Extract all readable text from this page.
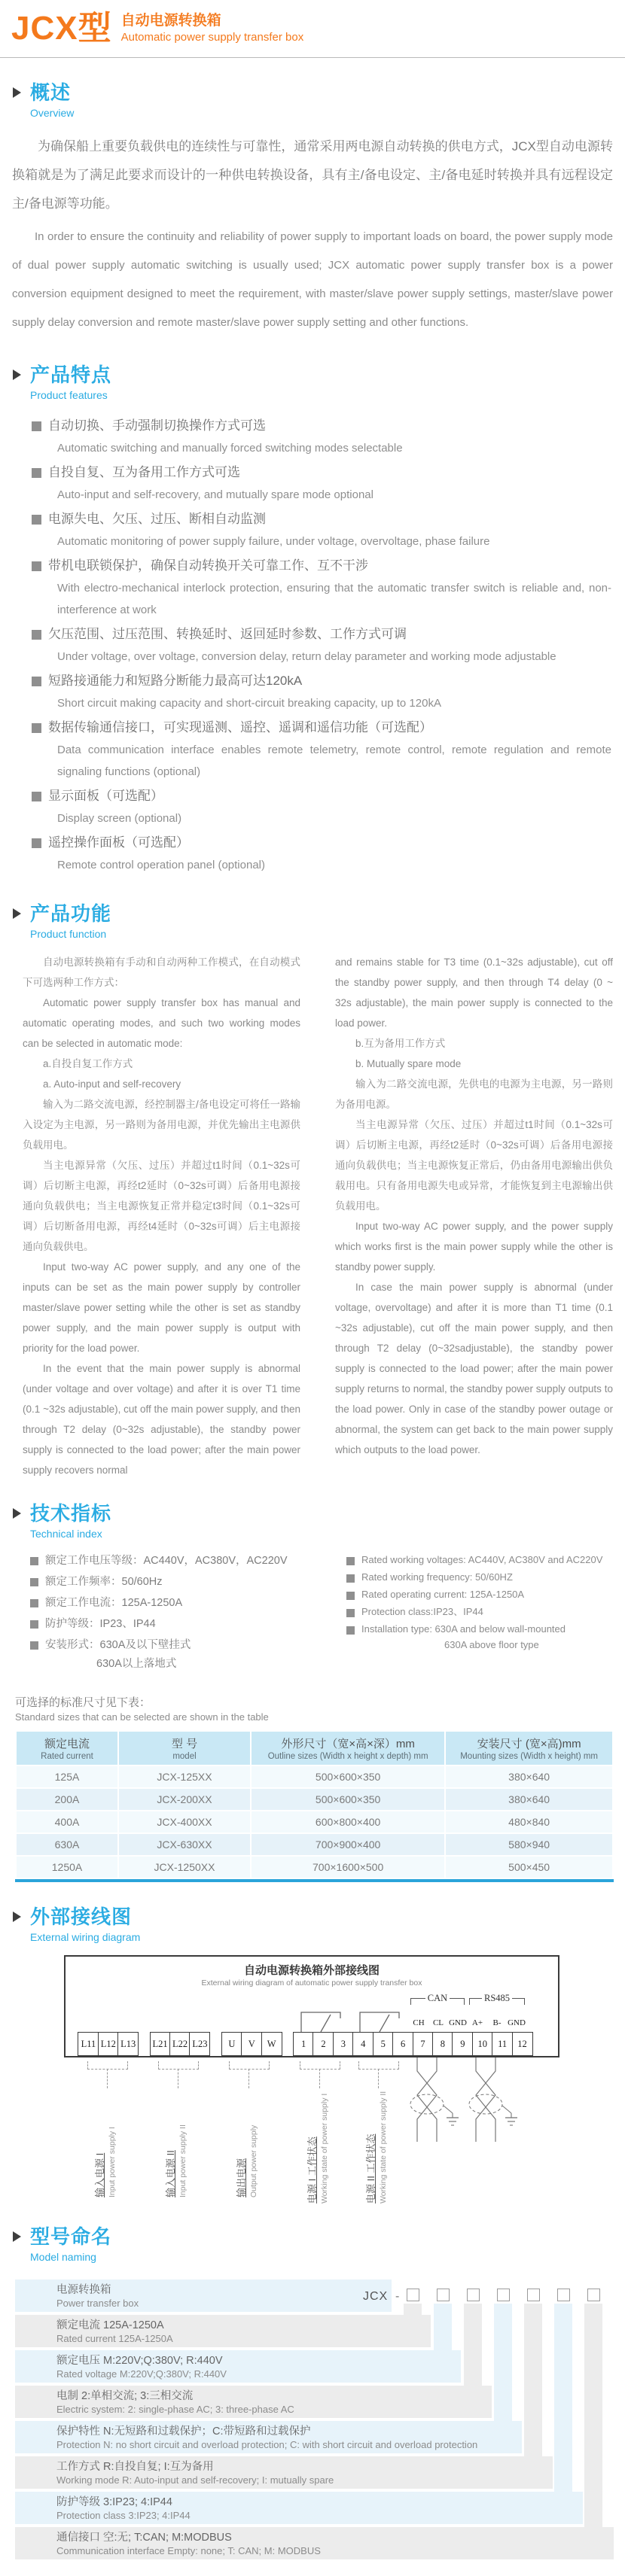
JCX型 自动电源转换箱
Automatic power supply transfer box
概述
Overview

为确保船上重要负载供电的连续性与可靠性，通常采用两电源自动转换的供电方式，JCX型自动电源转换箱就是为了满足此要求而设计的一种供电转换设备，具有主/备电设定、主/备电延时转换并具有远程设定主/备电源等功能。

In order to ensure the continuity and reliability of power supply to important loads on board, the power supply mode of dual power supply automatic switching is usually used; JCX automatic power supply transfer box is a power conversion equipment designed to meet the requirement, with master/slave power supply settings, master/slave power supply delay conversion and remote master/slave power supply setting and other functions.

产品特点
Product features
自动切换、手动强制切换操作方式可选
Automatic switching and manually forced switching modes selectable
自投自复、互为备用工作方式可选
Auto-input and self-recovery, and mutually spare mode optional
电源失电、欠压、过压、断相自动监测
Automatic monitoring of power supply failure, under voltage, overvoltage, phase failure
带机电联锁保护，确保自动转换开关可靠工作、互不干涉
With electro-mechanical interlock protection, ensuring that the automatic transfer switch is reliable and, non-interference at work
欠压范围、过压范围、转换延时、返回延时参数、工作方式可调
Under voltage, over voltage, conversion delay, return delay parameter and working mode adjustable
短路接通能力和短路分断能力最高可达120kA
Short circuit making capacity and short-circuit breaking capacity, up to 120kA
数据传输通信接口，可实现遥测、遥控、遥调和遥信功能（可选配）
Data communication interface enables remote telemetry, remote control, remote regulation and remote signaling functions (optional)
显示面板（可选配）
Display screen (optional)
遥控操作面板（可选配）
Remote control operation panel (optional)
产品功能
Product function

自动电源转换箱有手动和自动两种工作模式，在自动模式下可选两种工作方式：

Automatic power supply transfer box has manual and automatic operating modes, and such two working modes can be selected in automatic mode:

a.自投自复工作方式

a. Auto-input and self-recovery

输入为二路交流电源，经控制器主/备电设定可将任一路输入设定为主电源，另一路则为备用电源，并优先输出主电源供负载用电。

当主电源异常（欠压、过压）并超过t1时间（0.1~32s可调）后切断主电源，再经t2延时（0~32s可调）后备用电源接通向负载供电；当主电源恢复正常并稳定t3时间（0.1~32s可调）后切断备用电源，再经t4延时（0~32s可调）后主电源接通向负载供电。

Input two-way AC power supply, and any one of the inputs can be set as the main power supply by controller master/slave power setting while the other is set as standby power supply, and the main power supply is output with priority for the load power.

In the event that the main power supply is abnormal (under voltage and over voltage) and after it is over T1 time (0.1 ~32s adjustable), cut off the main power supply, and then through T2 delay (0~32s adjustable), the standby power supply is connected to the load power; after the main power supply recovers normal

and remains stable for T3 time (0.1~32s adjustable), cut off the standby power supply, and then through T4 delay (0 ~ 32s adjustable), the main power supply is connected to the load power.

b.互为备用工作方式

b. Mutually spare mode

输入为二路交流电源，先供电的电源为主电源，另一路则为备用电源。

当主电源异常（欠压、过压）并超过t1时间（0.1~32s可调）后切断主电源，再经t2延时（0~32s可调）后备用电源接通向负载供电；当主电源恢复正常后，仍由备用电源输出供负载用电。只有备用电源失电或异常，才能恢复到主电源输出供负载用电。

Input two-way AC power supply, and the power supply which works first is the main power supply while the other is standby power supply.

In case the main power supply is abnormal (under voltage, overvoltage) and after it is more than T1 time (0.1 ~32s adjustable), cut off the main power supply, and then through T2 delay (0~32sadjustable), the standby power supply is connected to the load power; after the main power supply returns to normal, the standby power supply outputs to the load power. Only in case of the standby power outage or abnormal, the system can get back to the main power supply which outputs to the load power.

技术指标
Technical index
额定工作电压等级：AC440V，AC380V，AC220V
额定工作频率：50/60Hz
额定工作电流：125A-1250A
防护等级：IP23、IP44
安装形式：630A及以下壁挂式
630A以上落地式
Rated working voltages: AC440V, AC380V and AC220V
Rated working frequency: 50/60HZ
Rated operating current: 125A-1250A
Protection class:IP23、IP44
Installation type: 630A and below wall-mounted
630A above floor type
可选择的标准尺寸见下表：
Standard sizes that can be selected are shown in the table
额定电流
Rated current

型 号
model

外形尺寸（宽×高×深）mm
Outline sizes (Width x height x depth) mm

安装尺寸 (宽×高)mm
Mounting sizes (Width x height) mm

125A	JCX-125XX	500×600×350	380×640
200A	JCX-200XX	500×600×350	380×640
400A	JCX-400XX	600×800×400	480×840
630A	JCX-630XX	700×900×400	580×940
1250A	JCX-1250XX	700×1600×500	500×450
外部接线图
External wiring diagram
自动电源转换箱外部接线图
External wiring diagram of automatic power supply transfer box
CAN	RS485
CH	CL GND A+	B- GND
L11 L12 L13	L21 L22 L23	U	V	W	1	2	3	4	5	6	7	8	9	10	11	12
输入电源 I Input power supply I	输入电源 II Input power supply II	输出电源 Output power supply	电源 I 工作状态 Working state of power supply I	电源 II 工作状态 Working state of power supply II
型号命名
Model naming
电源转换箱
Power transfer box
额定电流 125A-1250A
Rated current 125A-1250A
额定电压 M:220V;Q:380V; R:440V
Rated voltage M:220V;Q:380V; R:440V
电制 2:单相交流; 3:三相交流
Electric system: 2: single-phase AC; 3: three-phase AC
保护特性 N:无短路和过载保护；C:带短路和过载保护
Protection N: no short circuit and overload protection; C: with short circuit and overload protection
工作方式 R:自投自复; I:互为备用
Working mode R: Auto-input and self-recovery; I: mutually spare
防护等级 3:IP23; 4:IP44
Protection class 3:IP23; 4:IP44
通信接口 空:无; T:CAN; M:MODBUS
Communication interface Empty: none; T: CAN; M: MODBUS
JCX -
